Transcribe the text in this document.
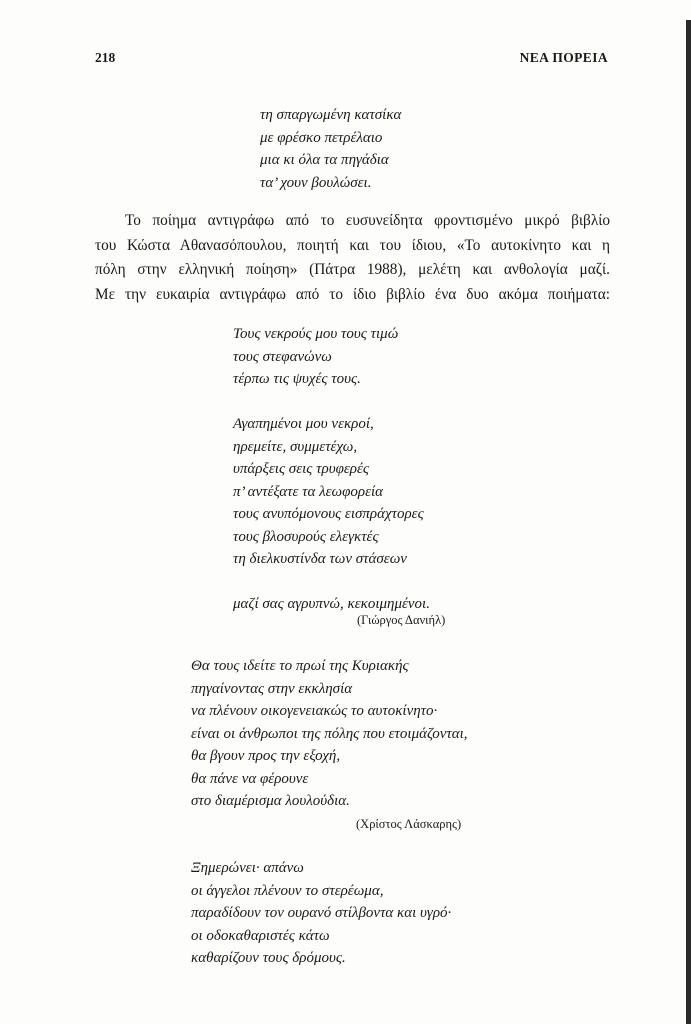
218	ΝΕΑ ΠΟΡΕΙΑ
τη σπαργωμένη κατσίκα
με φρέσκο πετρέλαιο
μια κι όλα τα πηγάδια
τα’ χουν βουλώσει.
Το ποίημα αντιγράφω από το ευσυνείδητα φροντισμένο μικρό βιβλίο
του Κώστα Αθανασόπουλου, ποιητή και του ίδιου, «Το αυτοκίνητο και η
πόλη στην ελληνική ποίηση» (Πάτρα 1988), μελέτη και ανθολογία μαζί.
Με την ευκαιρία αντιγράφω από το ίδιο βιβλίο ένα δυο ακόμα ποιήματα:
Τους νεκρούς μου τους τιμώ
τους στεφανώνω
τέρπω τις ψυχές τους.
Αγαπημένοι μου νεκροί,
ηρεμείτε, συμμετέχω,
υπάρξεις σεις τρυφερές
π’ αντέξατε τα λεωφορεία
τους ανυπόμονους εισπράχτορες
τους βλοσυρούς ελεγκτές
τη διελκυστίνδα των στάσεων
μαζί σας αγρυπνώ, κεκοιμημένοι.
(Γιώργος Δανιήλ)
Θα τους ιδείτε το πρωί της Κυριακής
πηγαίνοντας στην εκκλησία
να πλένουν οικογενειακώς το αυτοκίνητο·
είναι οι άνθρωποι της πόλης που ετοιμάζονται,
θα βγουν προς την εξοχή,
θα πάνε να φέρουνε
στο διαμέρισμα λουλούδια.
(Χρίστος Λάσκαρης)
Ξημερώνει· απάνω
οι άγγελοι πλένουν το στερέωμα,
παραδίδουν τον ουρανό στίλβοντα και υγρό·
οι οδοκαθαριστές κάτω
καθαρίζουν τους δρόμους.
